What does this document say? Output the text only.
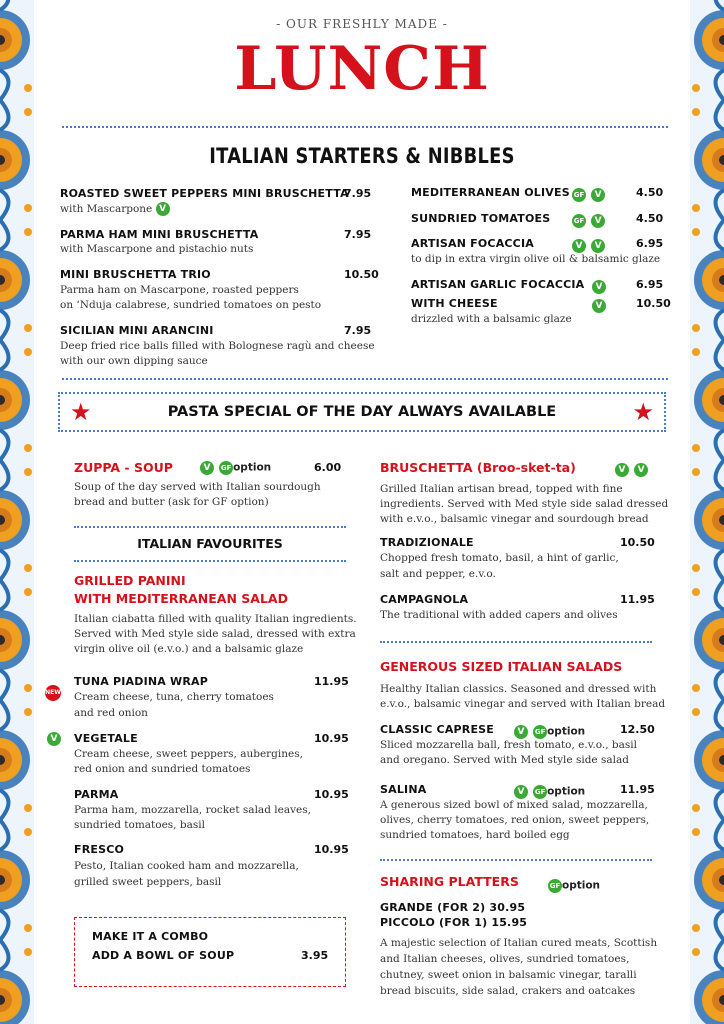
- OUR FRESHLY MADE -
LUNCH
ITALIAN STARTERS & NIBBLES
ROASTED SWEET PEPPERS MINI BRUSCHETTA
7.95
with Mascarpone V
PARMA HAM MINI BRUSCHETTA	7.95
with Mascarpone and pistachio nuts
MINI BRUSCHETTA TRIO	10.50
Parma ham on Mascarpone, roasted peppers
on ‘Nduja calabrese, sundried tomatoes on pesto
SICILIAN MINI ARANCINI	7.95
Deep fried rice balls filled with Bolognese ragù and cheese
with our own dipping sauce
MEDITERRANEAN OLIVES GF V	4.50
SUNDRIED TOMATOES	GF V	4.50
ARTISAN FOCACCIA	V V	6.95
to dip in extra virgin olive oil & balsamic glaze
ARTISAN GARLIC FOCACCIA	V	6.95
WITH CHEESE	V	10.50
drizzled with a balsamic glaze
★	PASTA SPECIAL OF THE DAY ALWAYS AVAILABLE	★
ZUPPA - SOUP	V GF option	6.00
Soup of the day served with Italian sourdough
bread and butter (ask for GF option)
ITALIAN FAVOURITES
GRILLED PANINI
WITH MEDITERRANEAN SALAD
Italian ciabatta filled with quality Italian ingredients.
Served with Med style side salad, dressed with extra
virgin olive oil (e.v.o.) and a balsamic glaze
NEW
TUNA PIADINA WRAP	11.95
Cream cheese, tuna, cherry tomatoes
and red onion
V	VEGETALE	10.95
Cream cheese, sweet peppers, aubergines,
red onion and sundried tomatoes
PARMA	10.95
Parma ham, mozzarella, rocket salad leaves,
sundried tomatoes, basil
FRESCO	10.95
Pesto, Italian cooked ham and mozzarella,
grilled sweet peppers, basil
MAKE IT A COMBO
ADD A BOWL OF SOUP	3.95
BRUSCHETTA (Broo-sket-ta)	V V
Grilled Italian artisan bread, topped with fine
ingredients. Served with Med style side salad dressed
with e.v.o., balsamic vinegar and sourdough bread
TRADIZIONALE	10.50
Chopped fresh tomato, basil, a hint of garlic,
salt and pepper, e.v.o.
CAMPAGNOLA	11.95
The traditional with added capers and olives
GENEROUS SIZED ITALIAN SALADS
Healthy Italian classics. Seasoned and dressed with
e.v.o., balsamic vinegar and served with Italian bread
CLASSIC CAPRESE	V GF option	12.50
Sliced mozzarella ball, fresh tomato, e.v.o., basil
and oregano. Served with Med style side salad
SALINA	V GF option	11.95
A generous sized bowl of mixed salad, mozzarella,
olives, cherry tomatoes, red onion, sweet peppers,
sundried tomatoes, hard boiled egg
SHARING PLATTERS	GF option
GRANDE (FOR 2) 30.95
PICCOLO (FOR 1) 15.95
A majestic selection of Italian cured meats, Scottish
and Italian cheeses, olives, sundried tomatoes,
chutney, sweet onion in balsamic vinegar, taralli
bread biscuits, side salad, crakers and oatcakes
